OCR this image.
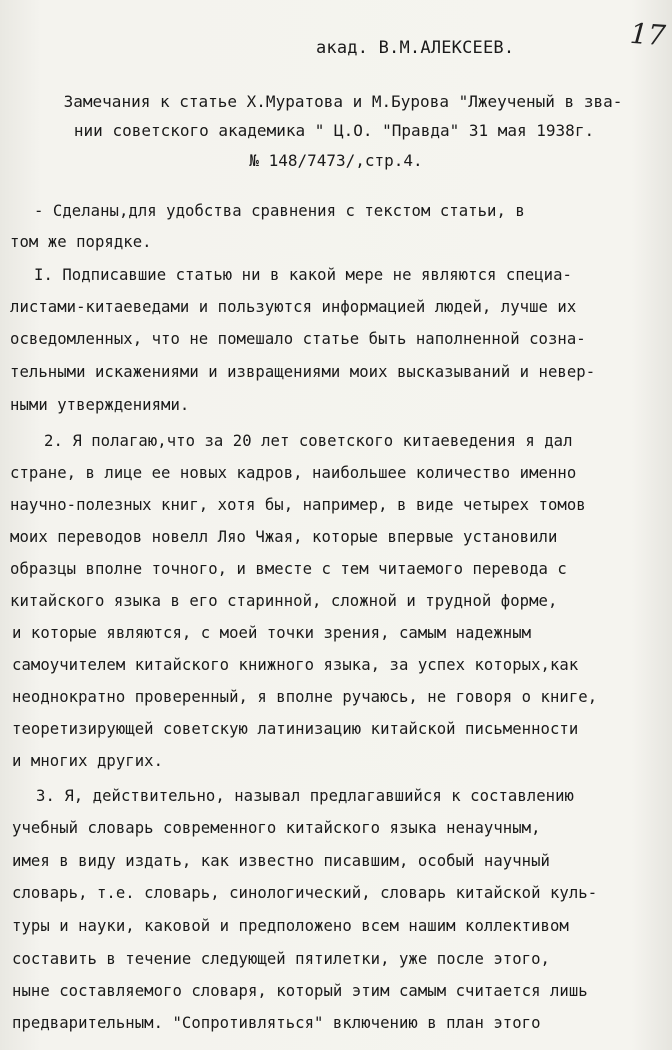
17
акад. В.М.АЛЕКСЕЕВ.
Замечания к статье Х.Муратова и М.Бурова "Лжеученый в зва-
нии советского академика " Ц.О. "Правда" 31 мая 1938г.
№ 148/7473/,стр.4.
- Сделаны,для удобства сравнения с текстом статьи, в
том же порядке.
I. Подписавшие статью ни в какой мере не являются специа-
листами-китаеведами и пользуются информацией людей, лучше их
осведомленных, что не помешало статье быть наполненной созна-
тельными искажениями и извращениями моих высказываний и невер-
ными утверждениями.
2. Я полагаю,что за 20 лет советского китаеведения я дал
стране, в лице ее новых кадров, наибольшее количество именно
научно-полезных книг, хотя бы, например, в виде четырех томов
моих переводов новелл Ляо Чжая, которые впервые установили
образцы вполне точного, и вместе с тем читаемого перевода с
китайского языка в его старинной, сложной и трудной форме,
и которые являются, с моей точки зрения, самым надежным
самоучителем китайского книжного языка, за успех которых,как
неоднократно проверенный, я вполне ручаюсь, не говоря о книге,
теоретизирующей советскую латинизацию китайской письменности
и многих других.
3. Я, действительно, называл предлагавшийся к составлению
учебный словарь современного китайского языка ненаучным,
имея в виду издать, как известно писавшим, особый научный
словарь, т.е. словарь, синологический, словарь китайской куль-
туры и науки, каковой и предположено всем нашим коллективом
составить в течение следующей пятилетки, уже после этого,
ныне составляемого словаря, который этим самым считается лишь
предварительным. "Сопротивляться" включению в план этого
